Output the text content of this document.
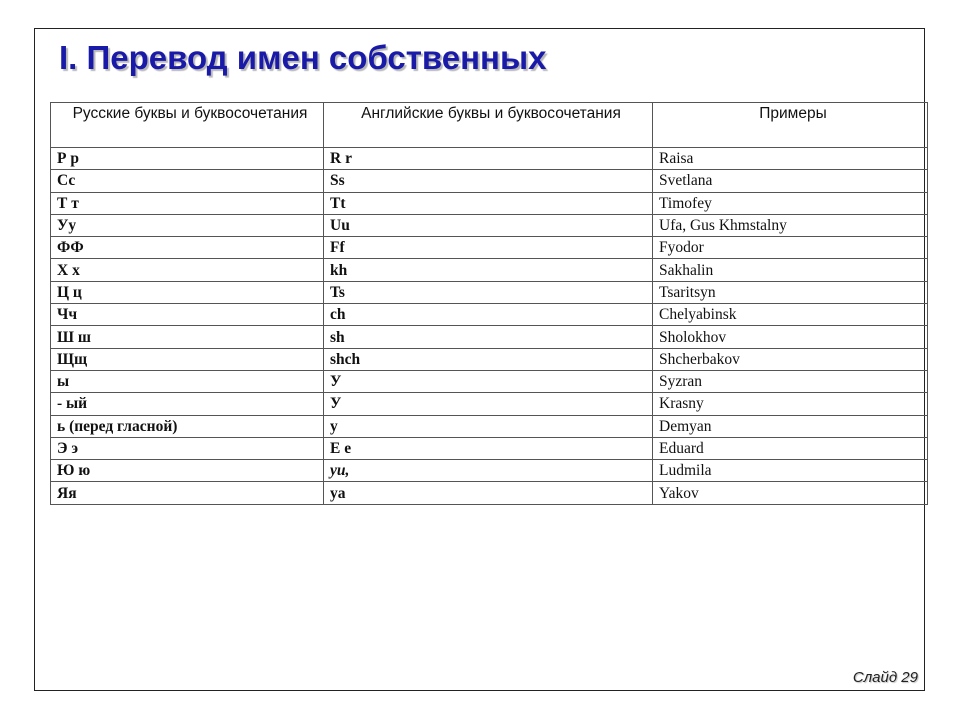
I. Перевод имен собственных
Русские буквы и буквосочетания	Английские буквы и буквосочетания	Примеры
Р р	R r	Raisa
Сс	Ss	Svetlana
Т т	Tt	Timofey
Уу	Uu	Ufa, Gus Khmstalny
ФФ	Ff	Fyodor
Х х	kh	Sakhalin
Ц ц	Ts	Tsaritsyn
Чч	ch	Chelyabinsk
Ш ш	sh	Sholokhov
Щщ	shch	Shcherbakov
ы	У	Syzran
- ый	У	Krasny
ь (перед гласной)	y	Demyan
Э э	E e	Eduard
Ю ю	yu,	Ludmila
Яя	ya	Yakov
Слайд 29
